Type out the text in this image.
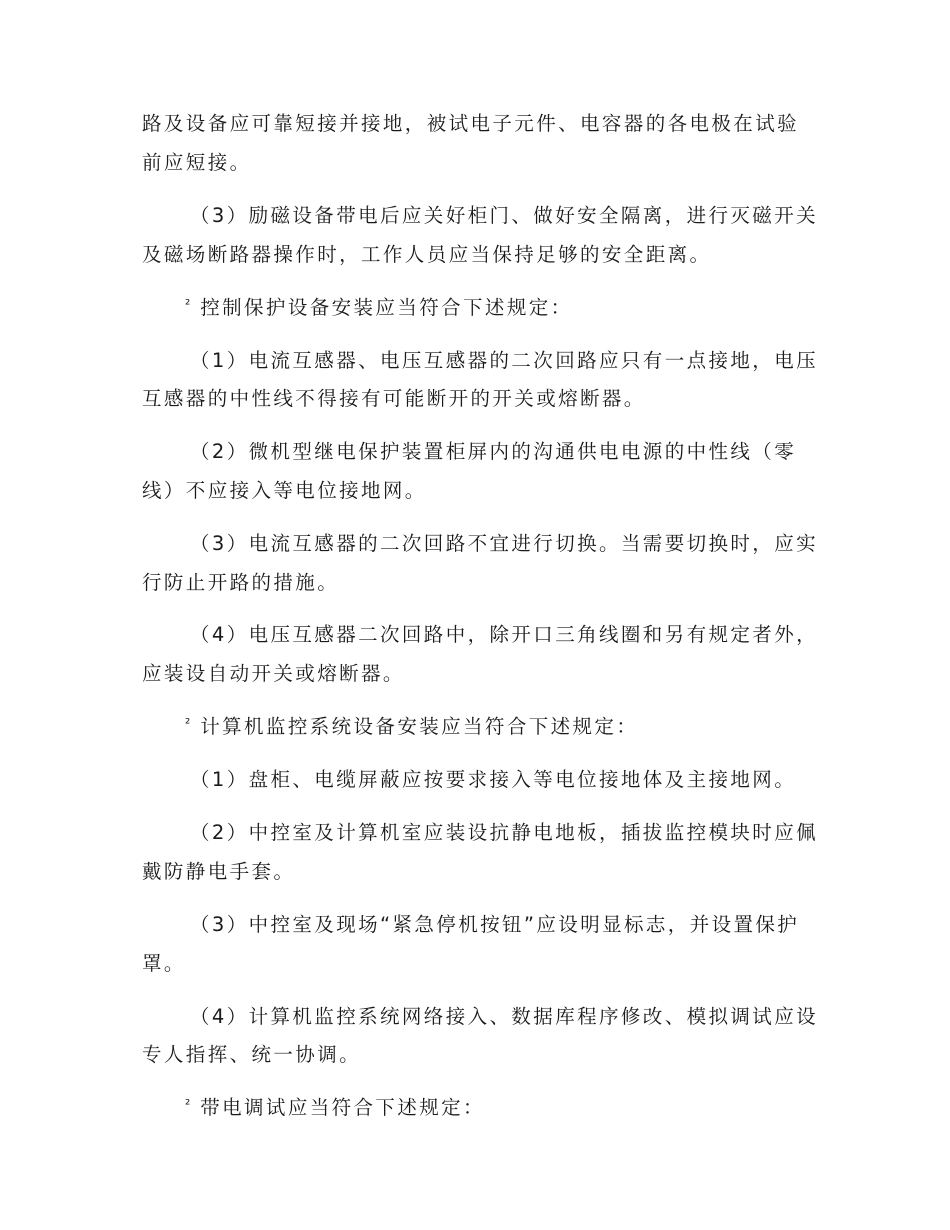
路及设备应可靠短接并接地，被试电子元件、电容器的各电极在试验
前应短接。
（3）励磁设备带电后应关好柜门、做好安全隔离，进行灭磁开关
及磁场断路器操作时，工作人员应当保持足够的安全距离。
² 控制保护设备安装应当符合下述规定：
（1）电流互感器、电压互感器的二次回路应只有一点接地，电压
互感器的中性线不得接有可能断开的开关或熔断器。
（2）微机型继电保护装置柜屏内的沟通供电电源的中性线（零
线）不应接入等电位接地网。
（3）电流互感器的二次回路不宜进行切换。当需要切换时，应实
行防止开路的措施。
（4）电压互感器二次回路中，除开口三角线圈和另有规定者外，
应装设自动开关或熔断器。
² 计算机监控系统设备安装应当符合下述规定：
（1）盘柜、电缆屏蔽应按要求接入等电位接地体及主接地网。
（2）中控室及计算机室应装设抗静电地板，插拔监控模块时应佩
戴防静电手套。
（3）中控室及现场“紧急停机按钮”应设明显标志，并设置保护
罩。
（4）计算机监控系统网络接入、数据库程序修改、模拟调试应设
专人指挥、统一协调。
² 带电调试应当符合下述规定：
